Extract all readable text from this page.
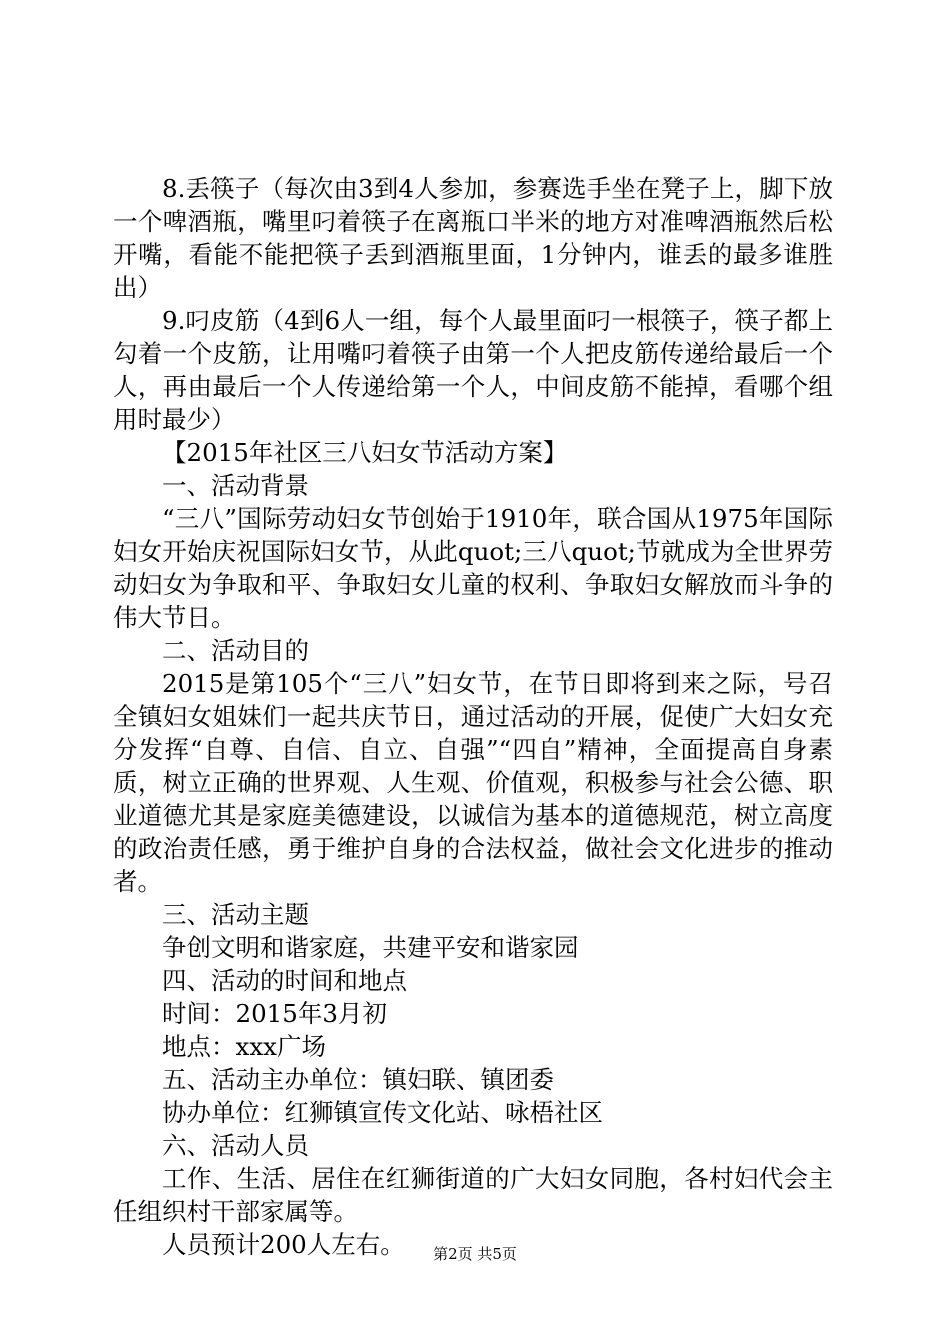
8.丢筷子（每次由3到4人参加，参赛选手坐在凳子上，脚下放一个啤酒瓶，嘴里叼着筷子在离瓶口半米的地方对准啤酒瓶然后松开嘴，看能不能把筷子丢到酒瓶里面，1分钟内，谁丢的最多谁胜出）

9.叼皮筋（4到6人一组，每个人最里面叼一根筷子，筷子都上勾着一个皮筋，让用嘴叼着筷子由第一个人把皮筋传递给最后一个人，再由最后一个人传递给第一个人，中间皮筋不能掉，看哪个组用时最少）

【2015年社区三八妇女节活动方案】

一、活动背景

“三八”国际劳动妇女节创始于1910年，联合国从1975年国际妇女开始庆祝国际妇女节，从此quot;三八quot;节就成为全世界劳动妇女为争取和平、争取妇女儿童的权利、争取妇女解放而斗争的伟大节日。

二、活动目的

2015是第105个“三八”妇女节，在节日即将到来之际，号召全镇妇女姐妹们一起共庆节日，通过活动的开展，促使广大妇女充分发挥“自尊、自信、自立、自强”“四自”精神，全面提高自身素质，树立正确的世界观、人生观、价值观，积极参与社会公德、职业道德尤其是家庭美德建设，以诚信为基本的道德规范，树立高度的政治责任感，勇于维护自身的合法权益，做社会文化进步的推动者。

三、活动主题

争创文明和谐家庭，共建平安和谐家园

四、活动的时间和地点

时间：2015年3月初

地点：xxx广场

五、活动主办单位：镇妇联、镇团委

协办单位：红狮镇宣传文化站、咏梧社区

六、活动人员

工作、生活、居住在红狮街道的广大妇女同胞，各村妇代会主任组织村干部家属等。

人员预计200人左右。	第2页 共5页
